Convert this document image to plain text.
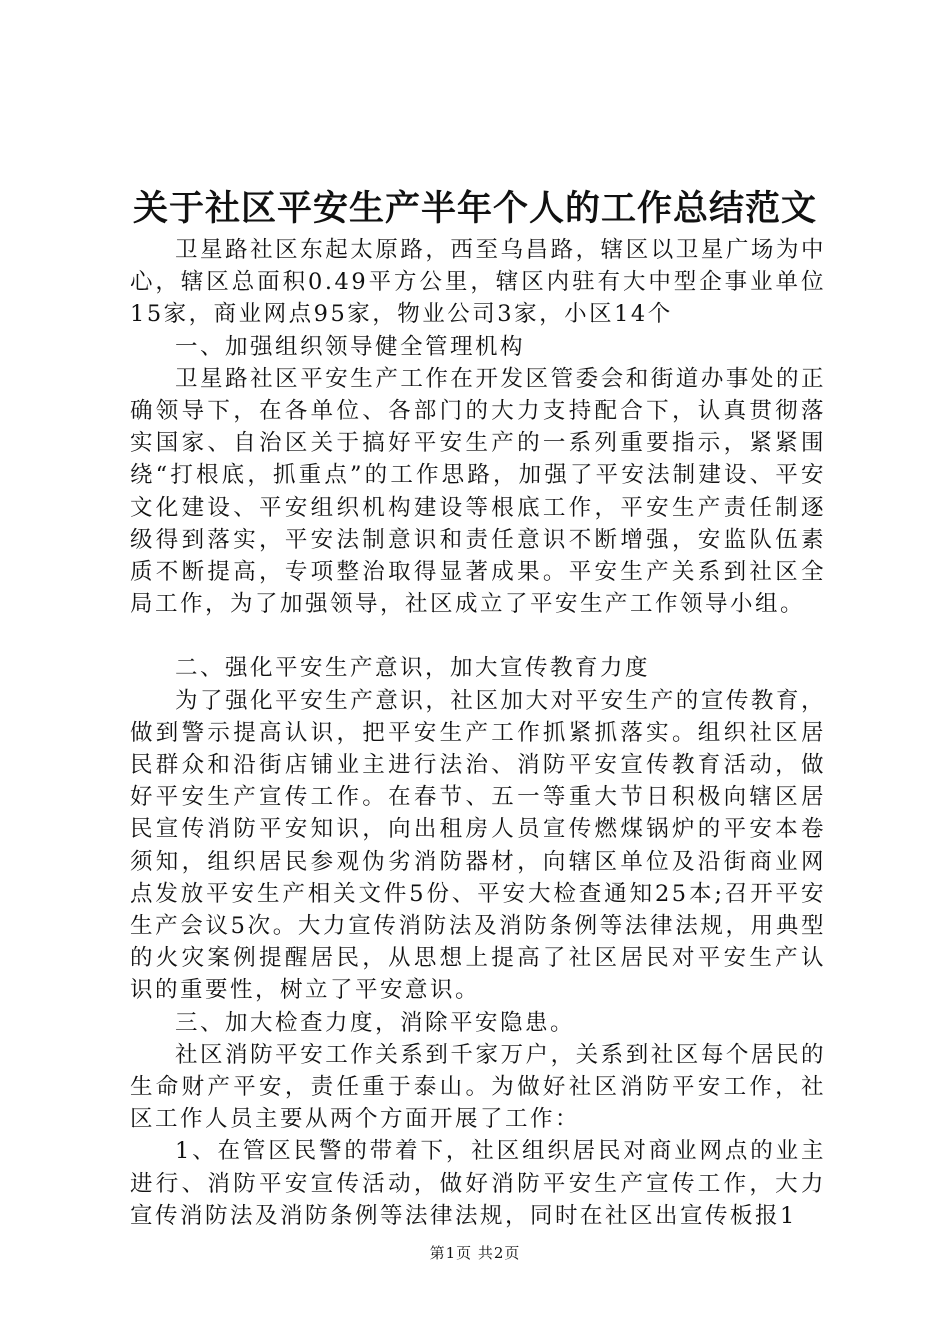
关于社区平安生产半年个人的工作总结范文

卫星路社区东起太原路，西至乌昌路，辖区以卫星广场为中心，辖区总面积0.49平方公里，辖区内驻有大中型企事业单位15家，商业网点95家，物业公司3家，小区14个

一、加强组织领导健全管理机构

卫星路社区平安生产工作在开发区管委会和街道办事处的正确领导下，在各单位、各部门的大力支持配合下，认真贯彻落实国家、自治区关于搞好平安生产的一系列重要指示，紧紧围绕“打根底，抓重点”的工作思路，加强了平安法制建设、平安文化建设、平安组织机构建设等根底工作，平安生产责任制逐级得到落实，平安法制意识和责任意识不断增强，安监队伍素质不断提高，专项整治取得显著成果。平安生产关系到社区全局工作，为了加强领导，社区成立了平安生产工作领导小组。

二、强化平安生产意识，加大宣传教育力度

为了强化平安生产意识，社区加大对平安生产的宣传教育，做到警示提高认识，把平安生产工作抓紧抓落实。组织社区居民群众和沿街店铺业主进行法治、消防平安宣传教育活动，做好平安生产宣传工作。在春节、五一等重大节日积极向辖区居民宣传消防平安知识，向出租房人员宣传燃煤锅炉的平安本卷须知，组织居民参观伪劣消防器材，向辖区单位及沿街商业网点发放平安生产相关文件5份、平安大检查通知25本;召开平安生产会议5次。大力宣传消防法及消防条例等法律法规，用典型的火灾案例提醒居民，从思想上提高了社区居民对平安生产认识的重要性，树立了平安意识。

三、加大检查力度，消除平安隐患。

社区消防平安工作关系到千家万户，关系到社区每个居民的生命财产平安，责任重于泰山。为做好社区消防平安工作，社区工作人员主要从两个方面开展了工作：

1、在管区民警的带着下，社区组织居民对商业网点的业主进行、消防平安宣传活动，做好消防平安生产宣传工作，大力宣传消防法及消防条例等法律法规，同时在社区出宣传板报1

第1页 共2页
